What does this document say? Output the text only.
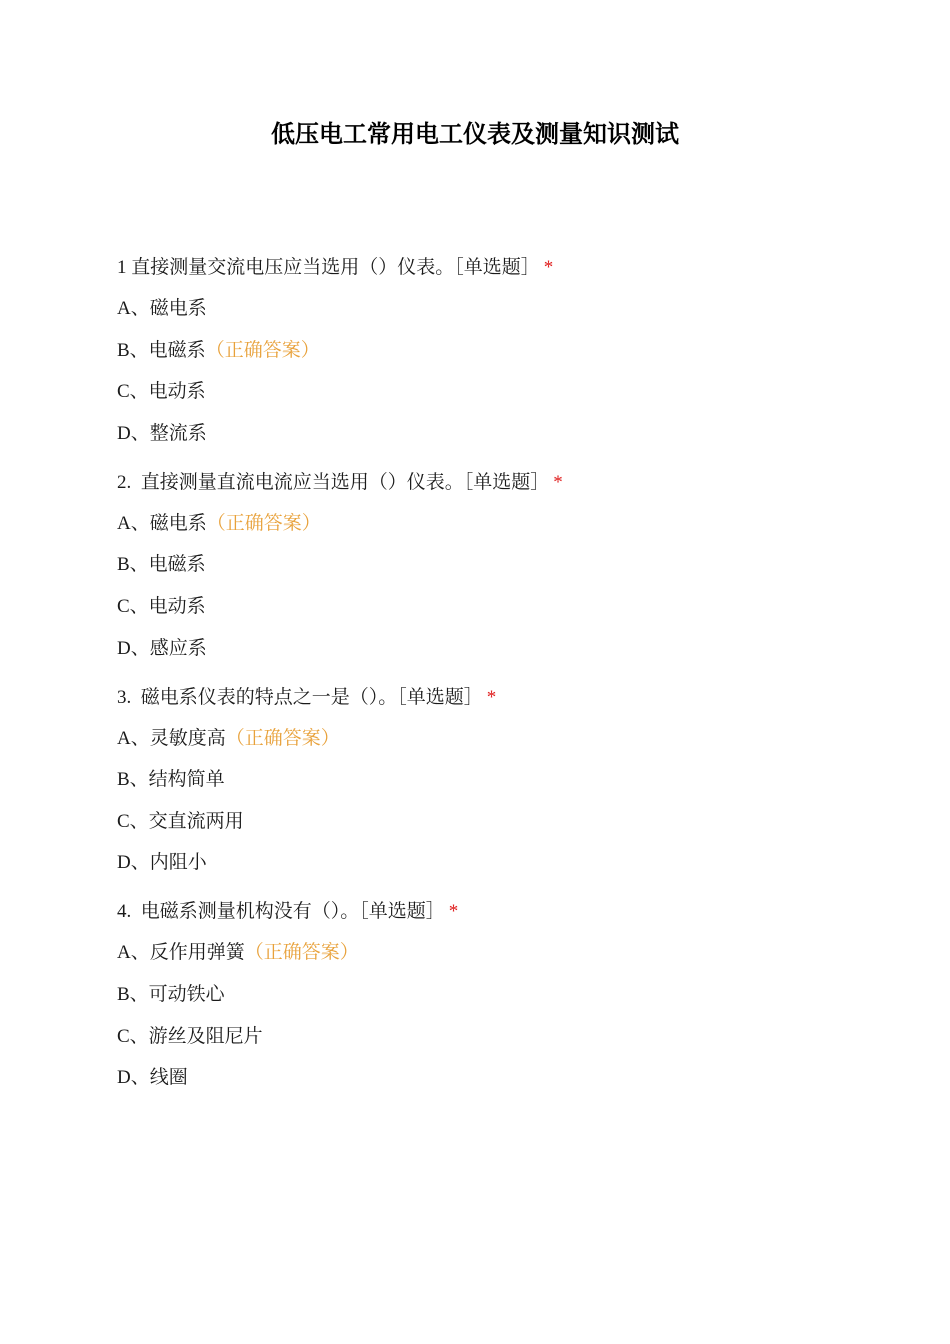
低压电工常用电工仪表及测量知识测试
1 直接测量交流电压应当选用（）仪表。［单选题］ *
A、磁电系
B、电磁系（正确答案）
C、电动系
D、整流系
2. 直接测量直流电流应当选用（）仪表。［单选题］ *
A、磁电系（正确答案）
B、电磁系
C、电动系
D、感应系
3. 磁电系仪表的特点之一是（）。［单选题］ *
A、灵敏度高（正确答案）
B、结构简单
C、交直流两用
D、内阻小
4. 电磁系测量机构没有（）。［单选题］ *
A、反作用弹簧（正确答案）
B、可动铁心
C、游丝及阻尼片
D、线圈
